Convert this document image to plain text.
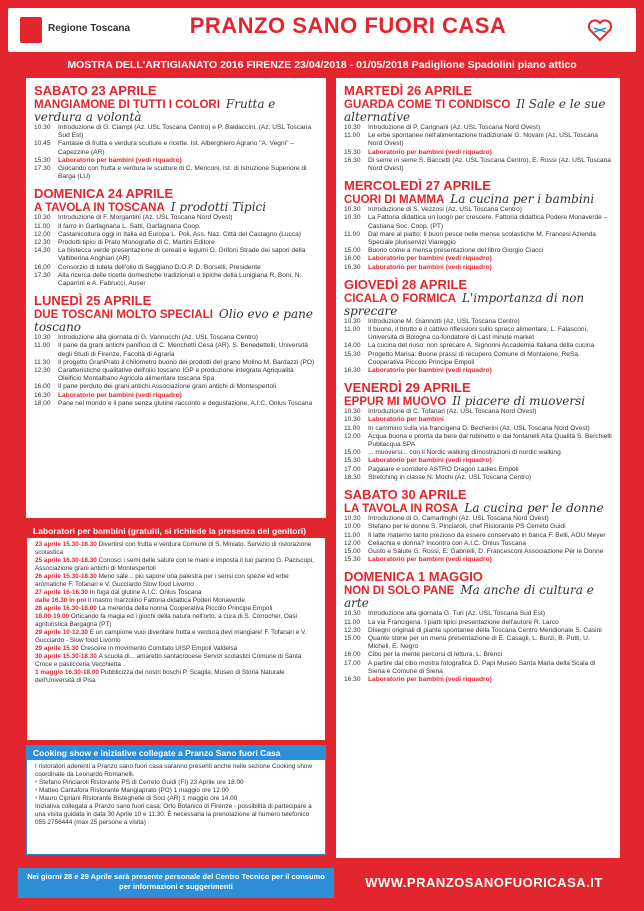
Regione Toscana	PRANZO SANO FUORI CASA
MOSTRA DELL'ARTIGIANATO 2016 FIRENZE 23/04/2018 - 01/05/2018 Padiglione Spadolini piano attico
SABATO 23 APRILE
MANGIAMONE DI TUTTI I COLORI Frutta e verdura a volontà
10.30	Introduzione di G. Ciampi (Az. USL Toscana Centro) e P. Baldaccini, (Az. USL Toscana Sud Est)
10.45	Fantasie di frutta e verdura sculture e ricette. Ist. Alberghiero Agrario "A. Vegni" – Capezzine (AR)
15.30	Laboratorio per bambini (vedi riquadro)
17.30	Giocando con frutta e verdura le sculture di C. Menconi, Ist. di Istruzione Superiore di Barga (LU)
DOMENICA 24 APRILE
A TAVOLA IN TOSCANA I prodotti Tipici
10.30	Introduzione di F. Morgantini (Az. USL Toscana Nord Ovest)
11.00	Il farro in Garfagnana L. Satti, Garfagnana Coop.
12.00	Castanicoltura oggi in Italia ed Europa L. Poli, Ass. Naz. Città del Castagno (Lucca)
12.30	Prodotti tipici di Prato Monografie di C. Martini Editore
14.30	La bistecca verde presentazione di cereali e legumi G. Grifoni Strade dei sapori della Valtiberina Anghiari (AR)
16.00	Consorzio di tutela dell'olio di Seggiano D.O.P. D. Borselli, Presidente
17.30	Alla ricerca delle ricette domestiche tradizionali e tipiche della Lunigiana R. Boni, N. Caparrini e A. Fabrucci, Auser
LUNEDÌ 25 APRILE
DUE TOSCANI MOLTO SPECIALI Olio evo e pane toscano
10.30	Introduzione alla giornata di G. Vannucchi (Az. USL Toscana Centro)
11.00	Il pane da grani antichi panificio di C. Menchetti Cesa (AR). S. Benedettelli, Università degli Studi di Firenze, Facoltà di Agraria
11.30	Il progetto GranPrato il chilometro buono dei prodotti del grano Molino M. Bardazzi (PO)
12.30	Caratteristiche qualitative dell'olio toscano IGP e produzione integrata Agriqualità Oleificio Montalbano Agricola alimentare toscana Spa
16.00	Il pane perduto dei grani antichi Associazione grani antichi di Montespertoli
16.30	Laboratorio per bambini (vedi riquadro)
18.00	Pane nel mondo e il pane senza glutine racconto e degustazione, A.I.C. Onlus Toscana
MARTEDÌ 26 APRILE
GUARDA COME TI CONDISCO Il Sale e le sue alternative
10.30	Introduzione di P. Carignani (Az. USL Toscana Nord Ovest)
11.00	Le erbe spontanee nell'alimentazione tradizionale G. Novani (Az. USL Toscana Nord Ovest)
15.30	Laboratorio per bambini (vedi riquadro)
16.30	Di seme in seme S. Baccetti (Az. USL Toscana Centro), E. Rossi (Az. USL Toscana Nord Ovest)
MERCOLEDÌ 27 APRILE
CUORI DI MAMMA La cucina per i bambini
10.30	Introduzione di S. Vezzosi (Az. USL Toscana Centro)
10.30	La Fattoria didattica un luogo per crescere. Fattoria didattica Podere Monaverde – Castiana Soc. Coop. (PT)
11.00	Dal mare al piatto: Il buon pesce nelle mense scolastiche M. Francesi Azienda Speciale pluriservizi Viareggio
15.00	Buono come a mensa presentazione del libro Giorgio Ciacci
16.00	Laboratorio per bambini (vedi riquadro)
16.30	Laboratorio per bambini (vedi riquadro)
GIOVEDÌ 28 APRILE
CICALA O FORMICA L'importanza di non sprecare
10.30	Introduzione M. Giannotti (Az. USL Toscana Centro)
11.00	Il buono, il brutto e il cattivo riflessioni sullo spreco alimentare, L. Falasconi, Università di Bologna co-fondatore di Last minute market
14.00	La cucina del riuso: non sprecare A. Signorini Accademia Italiana della cucina
15.30	Progetto Marisa: Buone prassi di recupero Comune di Montaione, ReSa, Cooperativa Piccolo Principe Empoli
16.30	Laboratorio per bambini (vedi riquadro)
VENERDÌ 29 APRILE
EPPUR MI MUOVO Il piacere di muoversi
10.30	Introduzione di C. Tofanari (Az. USL Toscana Nord Ovest)
10.30	Laboratorio per bambini
11.00	In cammino sulla via francigena D. Becherini (Az. USL Toscana Nord Ovest)
12.00	Acqua buona e pronta da bere dal rubinetto e dai fontanelli Alta Qualità S. Berchielli Publiacqua SPA
15.00	... muoversi... con il Nordic walking dimostrazioni di nordic walking
15.30	Laboratorio per bambini (vedi riquadro)
17.00	Pagaiare e sorridere ASTRO Dragon Ladies Empoli
18.30	Stretching in classe N. Mochi (Az. USL Toscana Centro)
SABATO 30 APRILE
LA TAVOLA IN ROSA La cucina per le donne
10.30	Introduzione di G. Camarlinghi (Az. USL Toscana Nord Ovest)
10.00	Stefano per le donne S. Pinciaroli, chef Ristorante PS Cerreto Guidi
11.00	Il latte materno tanto prezioso da essere conservato in banca F. Belli, AOU Meyer
12.00	Celiachia e donna? Incontro con A.I.C. Onlus Toscana
15.00	Gusto e Salute G. Rossi, E. Gabrielli, D. Francesconi Associazione Per le Donne
15.30	Laboratorio per bambini (vedi riquadro)
DOMENICA 1 MAGGIO
NON DI SOLO PANE Ma anche di cultura e arte
10.30	Introduzione alla giornata G. Turi (Az. USL Toscana Sud Est)
11.00	La via Francigena. I piatti tipici presentazione dell'autore R. Larco
12.30	Disegni originali di piante spontanee della Toscana Centro Meridionale S. Casini
15.00	Quante storie per un menù presentazione di E. Casagli, L. Burzi, B. Putti, U. Micheli, E. Negro
16.00	Cibo per la mente percorsi di lettura, L. Brenci
17.00	A partire dal cibo mostra fotografica D. Papi Museo Santa Maria della Scala di Siena e Comune di Siena
16.30	Laboratorio per bambini (vedi riquadro)
Laboratori per bambini (gratuiti, si richiede la presenza dei genitori)
23 aprile 15.30-18.30 Divertirsi con frutta e verdura Comune di S. Miniato. Servizio di ristorazione scolastica
25 aprile 16.30-18.30 Conosci i semi delle salute con le mani e imposta il tuo panino G. Paciscopi, Associazione grani antichi di Montespertoli
26 aprile 15.30-18.30 Meno sale... più sapore una palestra per i sensi con spezie ed erbe aromatiche F. Tofanari e V. Gucciardo Slow food Livorno
27 aprile 16-16.30 In fuga dal glutine A.I.C. Onlus Toscana
dalle 16.30 in poi Il mastro marzolino Fattoria didattica Poderi Monaverde
28 aprile 16.30-18.00 La merenda della nonna Cooperativa Piccolo Principe Empoli
18.00-19.00 Orticando fa magia ed i giochi della natura nell'orto, a cura di S. Corrocher, Oasi agrituristica Bargagna (PT)
29 aprile 10-12.30 E un campione vuoi diventare frutta e verdura devi mangiare! F. Tofanari e V. Gucciardo - Slow food Livorno
29 aprile 15.30 Crescere in movimento Comitato UISP Empoli Valdelsa
30 aprile 15.30-18.30 A scuola di... amaretto santacrocese Servizi scolastici Comune di Santa Croce e pasticceria Vecchietta
1 maggio 16.30-18.00 Pubblicizza dei nostri boschi P. Scaglia, Museo di Storia Naturale dell'Università di Pisa
Cooking show e iniziative collegate a Pranzo Sano fuori Casa
I ristoratori aderenti a Pranzo sano fuori casa saranno presenti anche nelle sezione Cooking show coordinate da Leonardo Romanelli.
• Stefano Pinciaroli Ristorante PS di Cerreto Guidi (FI) 23 Aprile ore 18.00
• Matteo Cantafora Ristorante Mangiaprato (PO) 1 maggio ore 12.00
• Mauro Cipriani Ristorante Bisteghelle di Soci (AR) 1 maggio ore 14.00
Iniziativa collegata a Pranzo sano fuori casa: Orto Botanico di Firenze - possibilità di partecipare a una visita guidata in data 30 Aprile 10 e 11.30. È necessaria la prenotazione al numero telefonico 055 2756444 (max 25 persone a visita)
Nei giorni 28 e 29 Aprile sarà presente personale del Centro Tecnico per il consumo per informazioni e suggerimenti	WWW.PRANZOSANOFUORICASA.IT
